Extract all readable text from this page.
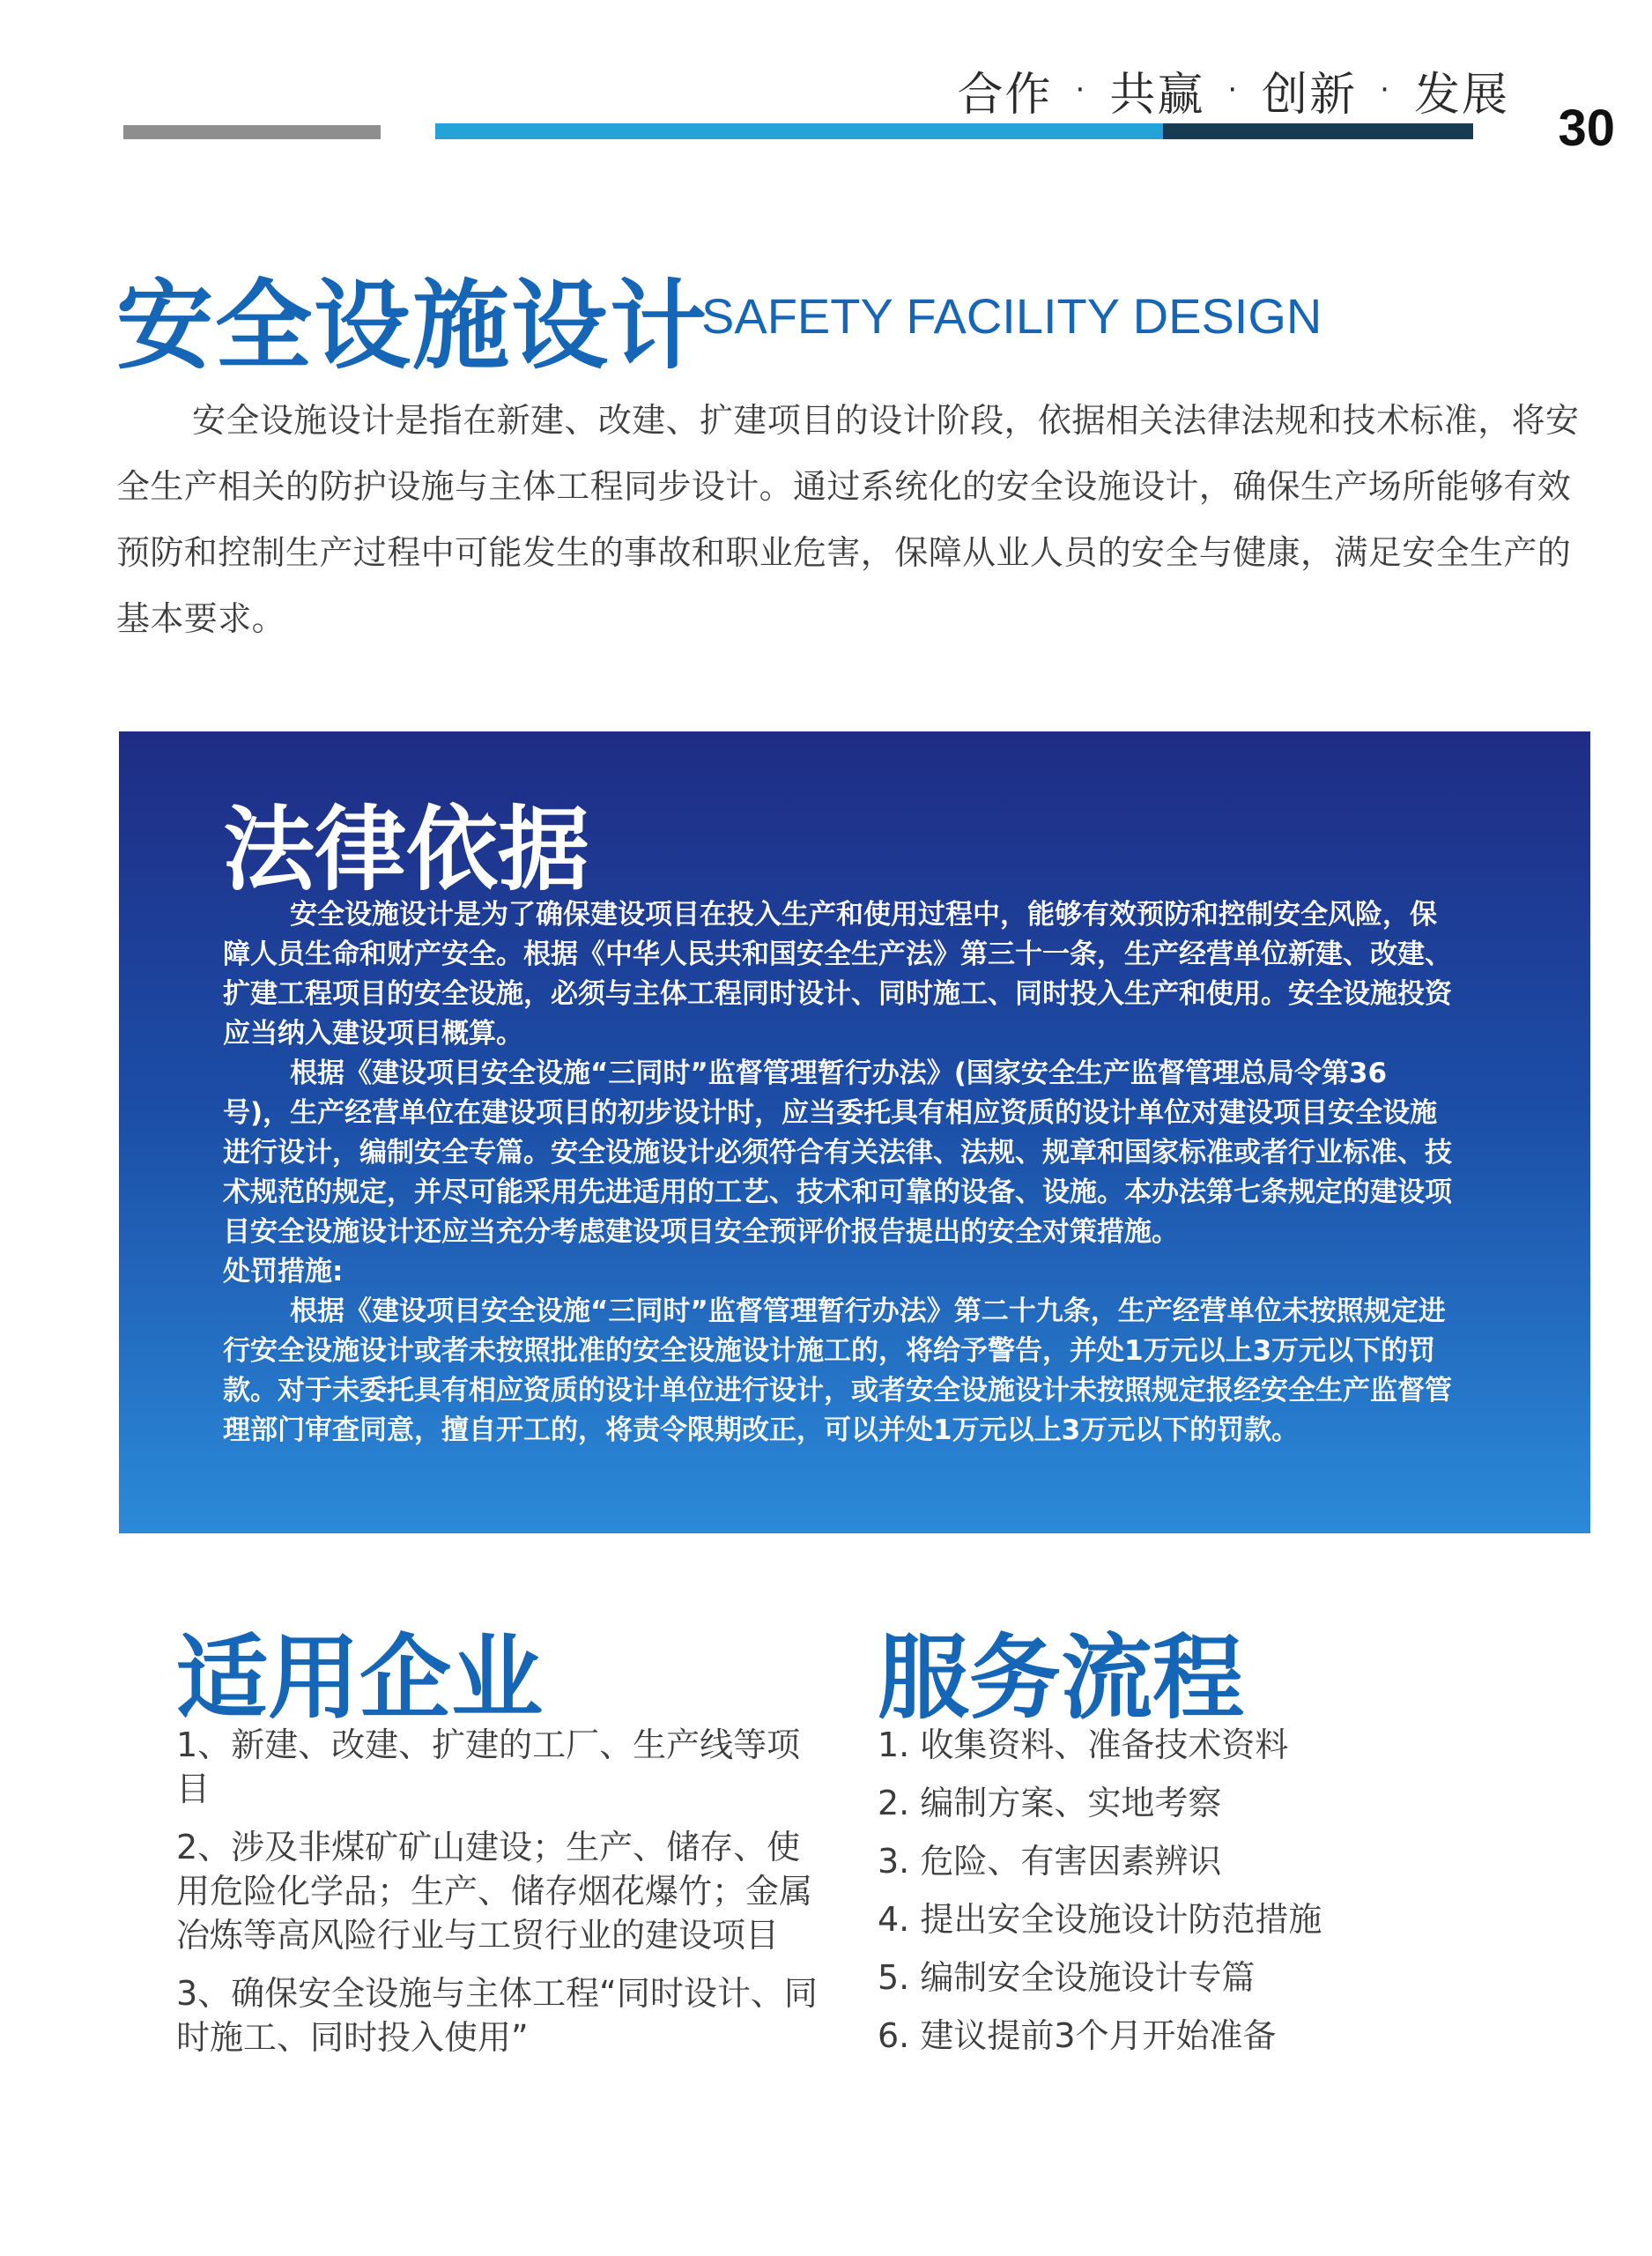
合作 · 共赢 · 创新 · 发展
30
安全设施设计
SAFETY FACILITY DESIGN

安全设施设计是指在新建、改建、扩建项目的设计阶段，依据相关法律法规和技术标准，将安全生产相关的防护设施与主体工程同步设计。通过系统化的安全设施设计，确保生产场所能够有效预防和控制生产过程中可能发生的事故和职业危害，保障从业人员的安全与健康，满足安全生产的基本要求。

法律依据

安全设施设计是为了确保建设项目在投入生产和使用过程中，能够有效预防和控制安全风险，保障人员生命和财产安全。根据《中华人民共和国安全生产法》第三十一条，生产经营单位新建、改建、扩建工程项目的安全设施，必须与主体工程同时设计、同时施工、同时投入生产和使用。安全设施投资应当纳入建设项目概算。

根据《建设项目安全设施“三同时”监督管理暂行办法》(国家安全生产监督管理总局令第36号)，生产经营单位在建设项目的初步设计时，应当委托具有相应资质的设计单位对建设项目安全设施进行设计，编制安全专篇。安全设施设计必须符合有关法律、法规、规章和国家标准或者行业标准、技术规范的规定，并尽可能采用先进适用的工艺、技术和可靠的设备、设施。本办法第七条规定的建设项目安全设施设计还应当充分考虑建设项目安全预评价报告提出的安全对策措施。

处罚措施:

根据《建设项目安全设施“三同时”监督管理暂行办法》第二十九条，生产经营单位未按照规定进行安全设施设计或者未按照批准的安全设施设计施工的，将给予警告，并处1万元以上3万元以下的罚款。对于未委托具有相应资质的设计单位进行设计，或者安全设施设计未按照规定报经安全生产监督管理部门审查同意，擅自开工的，将责令限期改正，可以并处1万元以上3万元以下的罚款。

适用企业
1、新建、改建、扩建的工厂、生产线等项目
2、涉及非煤矿矿山建设；生产、储存、使用危险化学品；生产、储存烟花爆竹；金属冶炼等高风险行业与工贸行业的建设项目
3、确保安全设施与主体工程“同时设计、同时施工、同时投入使用”
服务流程
1. 收集资料、准备技术资料
2. 编制方案、实地考察
3. 危险、有害因素辨识
4. 提出安全设施设计防范措施
5. 编制安全设施设计专篇
6. 建议提前3个月开始准备
